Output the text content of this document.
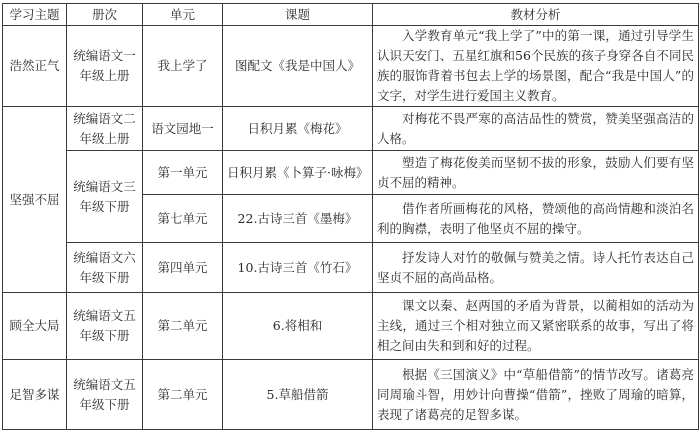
学习主题	册次	单元	课题	教材分析
浩然正气	统编语文一年级上册	我上学了	图配文《我是中国人》	入学教育单元“我上学了”中的第一课，通过引导学生认识天安门、五星红旗和56个民族的孩子身穿各自不同民族的服饰背着书包去上学的场景图，配合“我是中国人”的文字，对学生进行爱国主义教育。
坚强不屈	统编语文二年级上册	语文园地一	日积月累《梅花》	对梅花不畏严寒的高洁品性的赞赏，赞美坚强高洁的人格。
	统编语文三年级下册	第一单元	日积月累《卜算子·咏梅》	塑造了梅花俊美而坚韧不拔的形象，鼓励人们要有坚贞不屈的精神。
		第七单元	22.古诗三首《墨梅》	借作者所画梅花的风格，赞颂他的高尚情趣和淡泊名利的胸襟，表明了他坚贞不屈的操守。
	统编语文六年级下册	第四单元	10.古诗三首《竹石》	抒发诗人对竹的敬佩与赞美之情。诗人托竹表达自己坚贞不屈的高尚品格。
顾全大局	统编语文五年级下册	第二单元	6.将相和	课文以秦、赵两国的矛盾为背景，以蔺相如的活动为主线，通过三个相对独立而又紧密联系的故事，写出了将相之间由失和到和好的过程。
足智多谋	统编语文五年级下册	第二单元	5.草船借箭	根据《三国演义》中“草船借箭”的情节改写。诸葛亮同周瑜斗智，用妙计向曹操“借箭”，挫败了周瑜的暗算，表现了诸葛亮的足智多谋。
